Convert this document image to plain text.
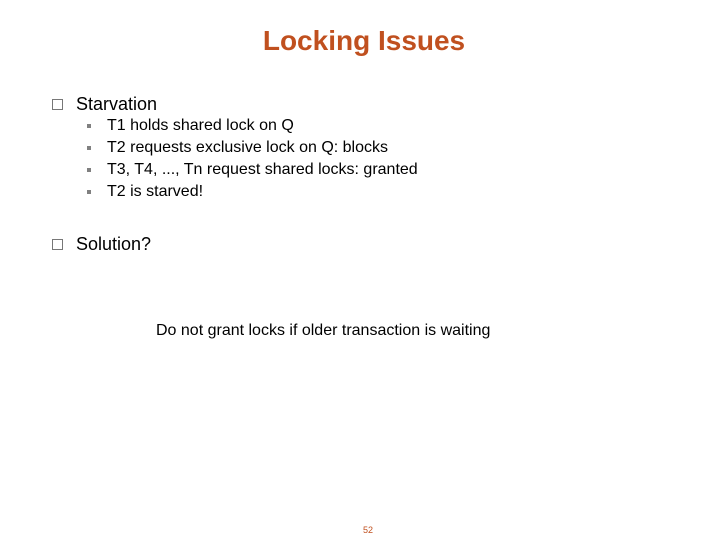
Locking Issues
Starvation
T1 holds shared lock on Q
T2 requests exclusive lock on Q: blocks
T3, T4, ..., Tn request shared locks: granted
T2 is starved!
Solution?
Do not grant locks if older transaction is waiting
52
